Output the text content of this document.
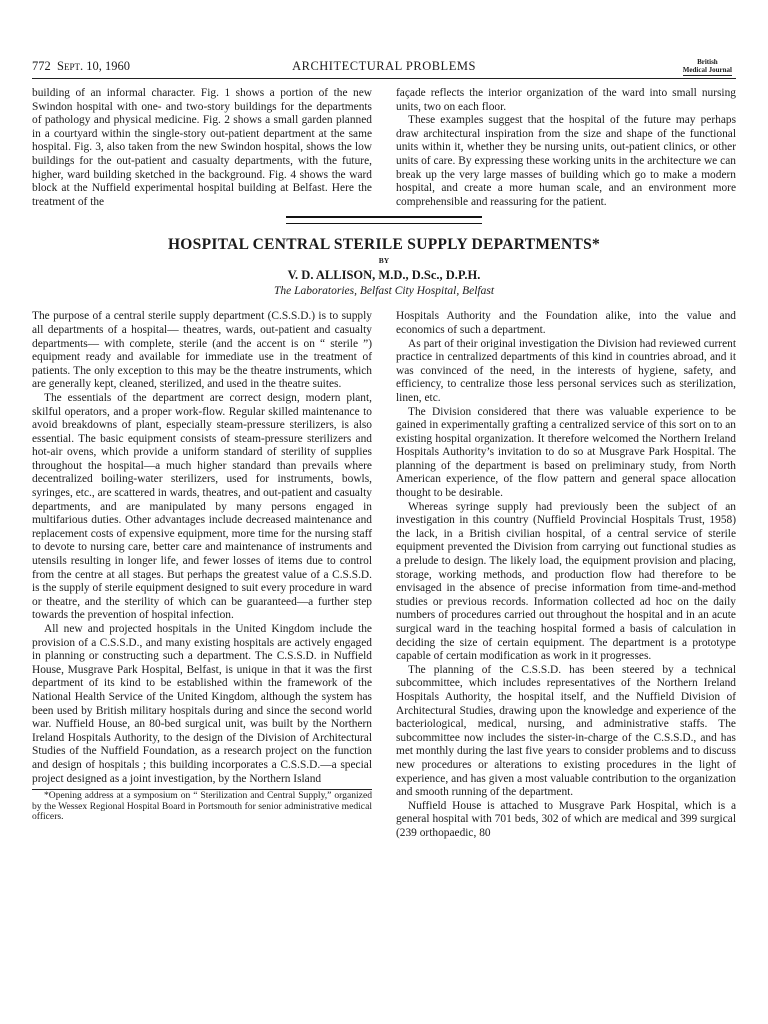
ARCHITECTURAL PROBLEMS
772 Sept. 10, 1960	British
Medical Journal

building of an informal character. Fig. 1 shows a portion of the new Swindon hospital with one- and two-story buildings for the departments of pathology and physical medicine. Fig. 2 shows a small garden planned in a courtyard within the single-story out-patient department at the same hospital. Fig. 3, also taken from the new Swindon hospital, shows the low buildings for the out-patient and casualty departments, with the future, higher, ward building sketched in the background. Fig. 4 shows the ward block at the Nuffield experimental hospital building at Belfast. Here the treatment of the

façade reflects the interior organization of the ward into small nursing units, two on each floor.

These examples suggest that the hospital of the future may perhaps draw architectural inspiration from the size and shape of the functional units within it, whether they be nursing units, out-patient clinics, or other units of care. By expressing these working units in the architecture we can break up the very large masses of building which go to make a modern hospital, and create a more human scale, and an environment more comprehensible and reassuring for the patient.

HOSPITAL CENTRAL STERILE SUPPLY DEPARTMENTS*
BY
V. D. ALLISON, M.D., D.Sc., D.P.H.
The Laboratories, Belfast City Hospital, Belfast

The purpose of a central sterile supply department (C.S.S.D.) is to supply all departments of a hospital— theatres, wards, out-patient and casualty departments— with complete, sterile (and the accent is on “ sterile ”) equipment ready and available for immediate use in the treatment of patients. The only exception to this may be the theatre instruments, which are generally kept, cleaned, sterilized, and used in the theatre suites.

The essentials of the department are correct design, modern plant, skilful operators, and a proper work-flow. Regular skilled maintenance to avoid breakdowns of plant, especially steam-pressure sterilizers, is also essential. The basic equipment consists of steam-pressure sterilizers and hot-air ovens, which provide a uniform standard of sterility of supplies throughout the hospital—a much higher standard than prevails where decentralized boiling-water sterilizers, used for instruments, bowls, syringes, etc., are scattered in wards, theatres, and out-patient and casualty departments, and are manipulated by many persons engaged in multifarious duties. Other advantages include decreased maintenance and replacement costs of expensive equipment, more time for the nursing staff to devote to nursing care, better care and maintenance of instruments and utensils resulting in longer life, and fewer losses of items due to control from the centre at all stages. But perhaps the greatest value of a C.S.S.D. is the supply of sterile equipment designed to suit every procedure in ward or theatre, and the sterility of which can be guaranteed—a further step towards the prevention of hospital infection.

All new and projected hospitals in the United Kingdom include the provision of a C.S.S.D., and many existing hospitals are actively engaged in planning or constructing such a department. The C.S.S.D. in Nuffield House, Musgrave Park Hospital, Belfast, is unique in that it was the first department of its kind to be established within the framework of the National Health Service of the United Kingdom, although the system has been used by British military hospitals during and since the second world war. Nuffield House, an 80-bed surgical unit, was built by the Northern Ireland Hospitals Authority, to the design of the Division of Architectural Studies of the Nuffield Foundation, as a research project on the function and design of hospitals ; this building incorporates a C.S.S.D.—a special project designed as a joint investigation, by the Northern Island

*Opening address at a symposium on “ Sterilization and Central Supply,” organized by the Wessex Regional Hospital Board in Portsmouth for senior administrative medical officers.

Hospitals Authority and the Foundation alike, into the value and economics of such a department.

As part of their original investigation the Division had reviewed current practice in centralized departments of this kind in countries abroad, and it was convinced of the need, in the interests of hygiene, safety, and efficiency, to centralize those less personal services such as sterilization, linen, etc.

The Division considered that there was valuable experience to be gained in experimentally grafting a centralized service of this sort on to an existing hospital organization. It therefore welcomed the Northern Ireland Hospitals Authority’s invitation to do so at Musgrave Park Hospital. The planning of the department is based on preliminary study, from North American experience, of the flow pattern and general space allocation thought to be desirable.

Whereas syringe supply had previously been the subject of an investigation in this country (Nuffield Provincial Hospitals Trust, 1958) the lack, in a British civilian hospital, of a central service of sterile equipment prevented the Division from carrying out functional studies as a prelude to design. The likely load, the equipment provision and placing, storage, working methods, and production flow had therefore to be envisaged in the absence of precise information from time-and-method studies or previous records. Information collected ad hoc on the daily numbers of procedures carried out throughout the hospital and in an acute surgical ward in the teaching hospital formed a basis of calculation in deciding the size of certain equipment. The department is a prototype capable of certain modification as work in it progresses.

The planning of the C.S.S.D. has been steered by a technical subcommittee, which includes representatives of the Northern Ireland Hospitals Authority, the hospital itself, and the Nuffield Division of Architectural Studies, drawing upon the knowledge and experience of the bacteriological, medical, nursing, and administrative staffs. The subcommittee now includes the sister-in-charge of the C.S.S.D., and has met monthly during the last five years to consider problems and to discuss new procedures or alterations to existing procedures in the light of experience, and has given a most valuable contribution to the organization and smooth running of the department.

Nuffield House is attached to Musgrave Park Hospital, which is a general hospital with 701 beds, 302 of which are medical and 399 surgical (239 orthopaedic, 80
